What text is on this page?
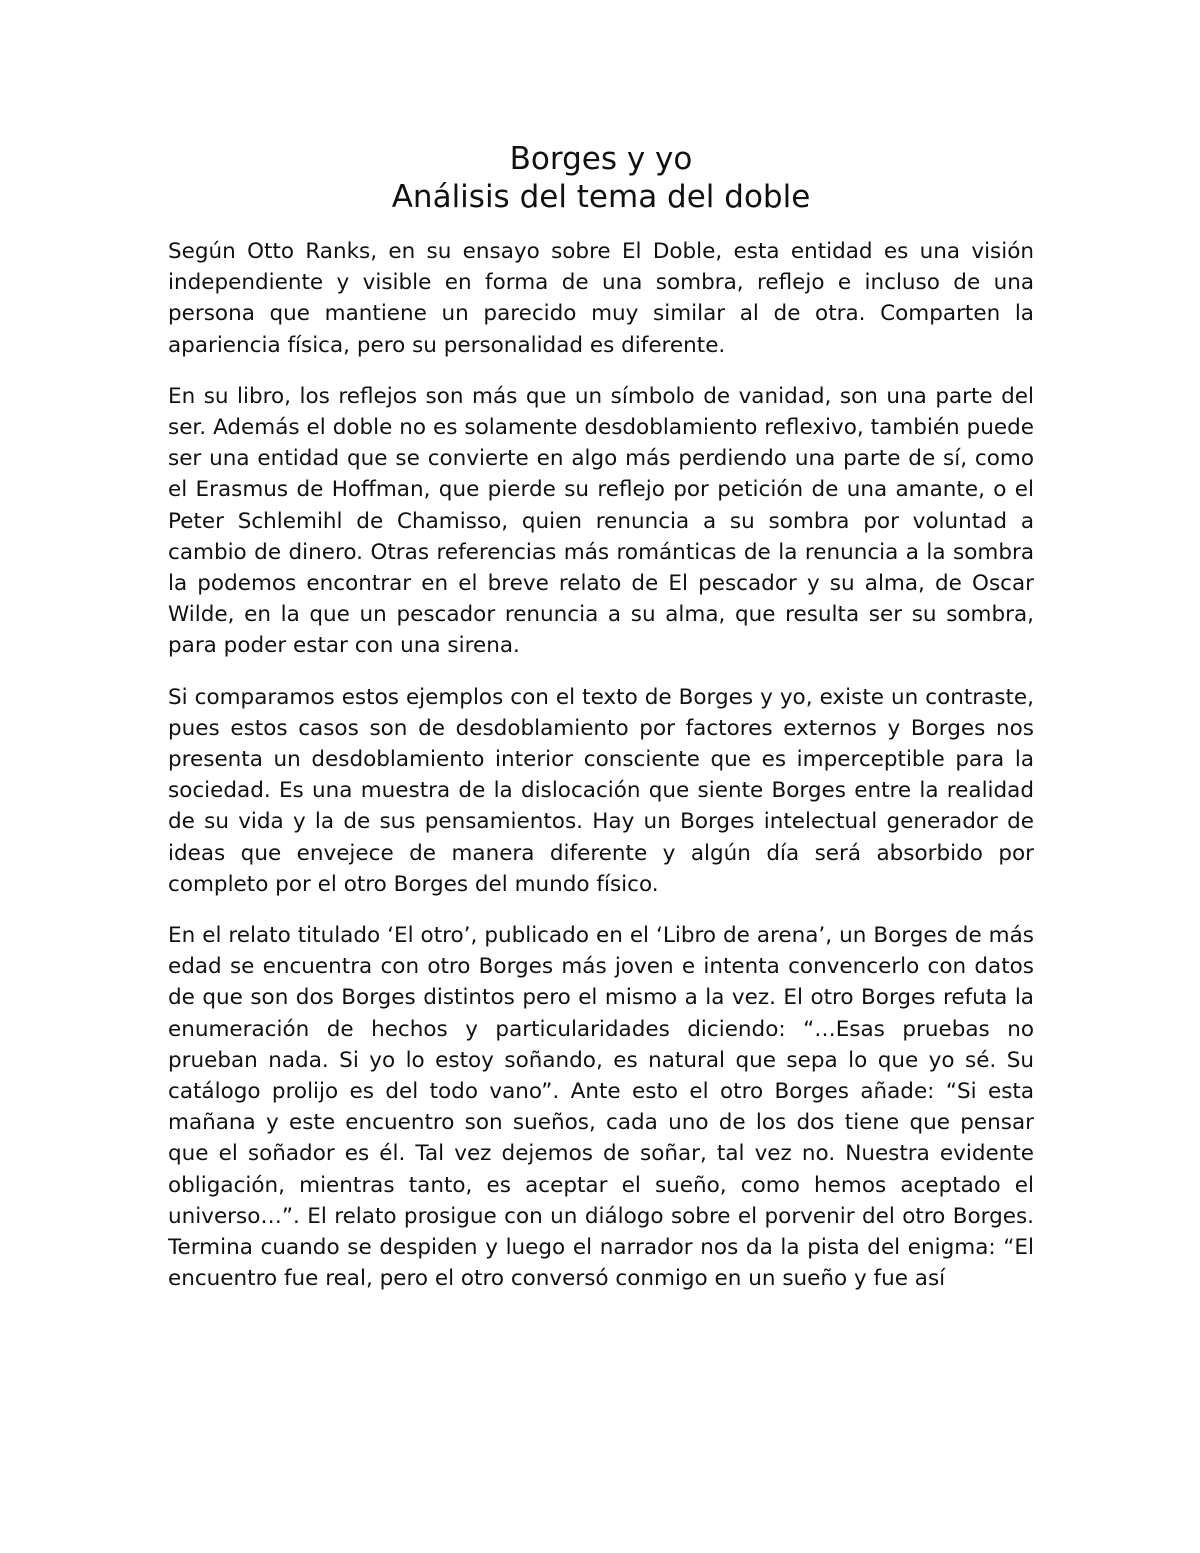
Borges y yo
Análisis del tema del doble

Según Otto Ranks, en su ensayo sobre El Doble, esta entidad es una visión independiente y visible en forma de una sombra, reflejo e incluso de una persona que mantiene un parecido muy similar al de otra. Comparten la apariencia física, pero su personalidad es diferente.

En su libro, los reflejos son más que un símbolo de vanidad, son una parte del ser. Además el doble no es solamente desdoblamiento reflexivo, también puede ser una entidad que se convierte en algo más perdiendo una parte de sí, como el Erasmus de Hoffman, que pierde su reflejo por petición de una amante, o el Peter Schlemihl de Chamisso, quien renuncia a su sombra por voluntad a cambio de dinero. Otras referencias más románticas de la renuncia a la sombra la podemos encontrar en el breve relato de El pescador y su alma, de Oscar Wilde, en la que un pescador renuncia a su alma, que resulta ser su sombra, para poder estar con una sirena.

Si comparamos estos ejemplos con el texto de Borges y yo, existe un contraste, pues estos casos son de desdoblamiento por factores externos y Borges nos presenta un desdoblamiento interior consciente que es imperceptible para la sociedad. Es una muestra de la dislocación que siente Borges entre la realidad de su vida y la de sus pensamientos. Hay un Borges intelectual generador de ideas que envejece de manera diferente y algún día será absorbido por completo por el otro Borges del mundo físico.

En el relato titulado ‘El otro’, publicado en el ‘Libro de arena’, un Borges de más edad se encuentra con otro Borges más joven e intenta convencerlo con datos de que son dos Borges distintos pero el mismo a la vez. El otro Borges refuta la enumeración de hechos y particularidades diciendo: “…Esas pruebas no prueban nada. Si yo lo estoy soñando, es natural que sepa lo que yo sé. Su catálogo prolijo es del todo vano”. Ante esto el otro Borges añade: “Si esta mañana y este encuentro son sueños, cada uno de los dos tiene que pensar que el soñador es él. Tal vez dejemos de soñar, tal vez no. Nuestra evidente obligación, mientras tanto, es aceptar el sueño, como hemos aceptado el universo…”. El relato prosigue con un diálogo sobre el porvenir del otro Borges. Termina cuando se despiden y luego el narrador nos da la pista del enigma: “El encuentro fue real, pero el otro conversó conmigo en un sueño y fue así
